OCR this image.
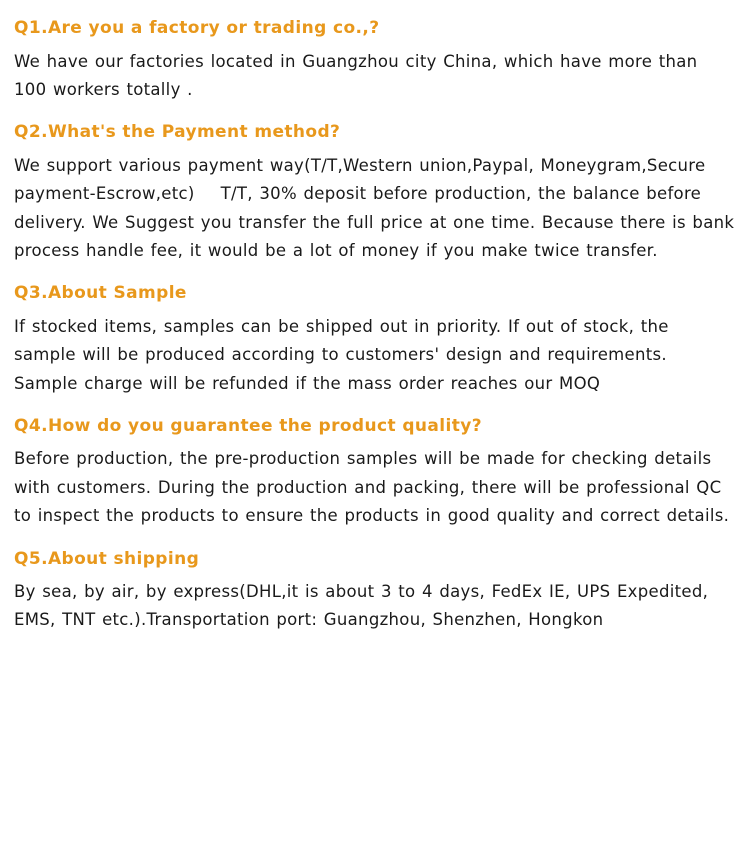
Q1.Are you a factory or trading co.,?

We have our factories located in Guangzhou city China, which have more than 100 workers totally .

Q2.What's the Payment method?

We support various payment way(T/T,Western union,Paypal, Moneygram,Secure payment-Escrow,etc) T/T, 30% deposit before production, the balance before delivery. We Suggest you transfer the full price at one time. Because there is bank process handle fee, it would be a lot of money if you make twice transfer.

Q3.About Sample

If stocked items, samples can be shipped out in priority. If out of stock, the sample will be produced according to customers' design and requirements. Sample charge will be refunded if the mass order reaches our MOQ

Q4.How do you guarantee the product quality?

Before production, the pre-production samples will be made for checking details with customers. During the production and packing, there will be professional QC to inspect the products to ensure the products in good quality and correct details.

Q5.About shipping

By sea, by air, by express(DHL,it is about 3 to 4 days, FedEx IE, UPS Expedited, EMS, TNT etc.).Transportation port: Guangzhou, Shenzhen, Hongkon
